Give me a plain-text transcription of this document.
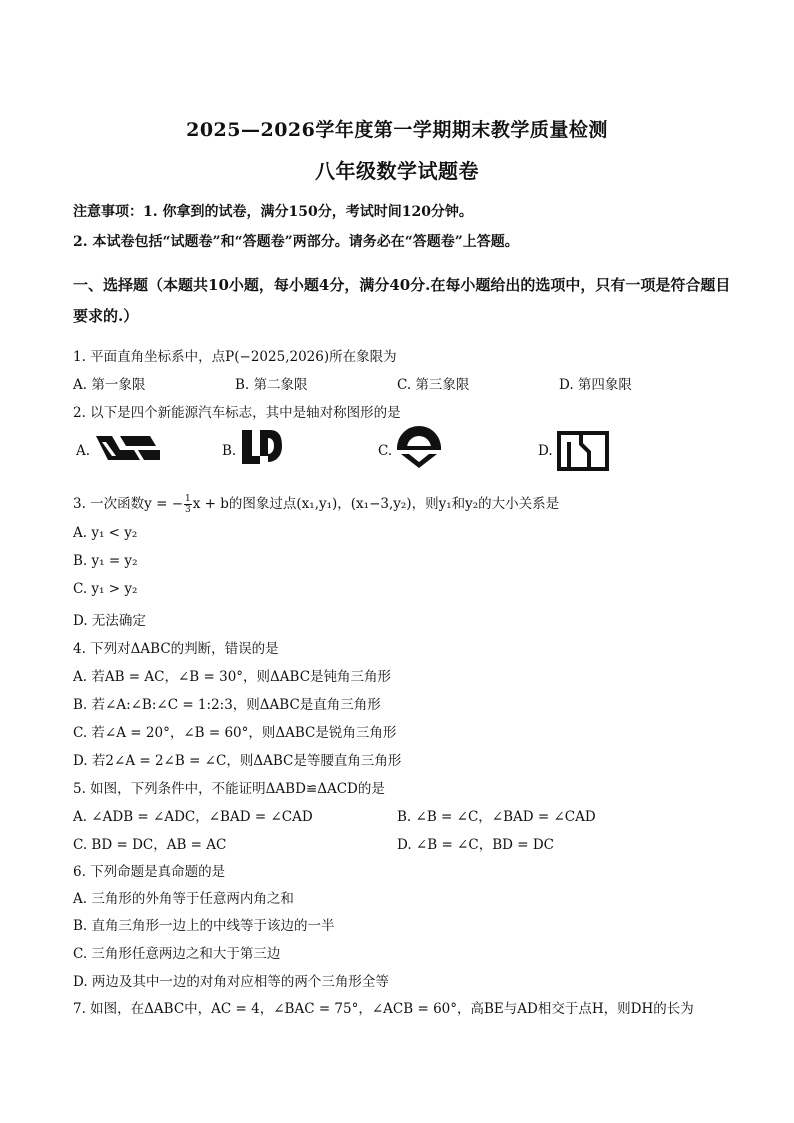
2025—2026学年度第一学期期末教学质量检测
八年级数学试题卷
注意事项：1. 你拿到的试卷，满分150分，考试时间120分钟。
2. 本试卷包括“试题卷”和“答题卷”两部分。请务必在“答题卷”上答题。
一、选择题（本题共10小题，每小题4分，满分40分.在每小题给出的选项中，只有一项是符合题目要求的.）
1. 平面直角坐标系中，点P(−2025,2026)所在象限为
A. 第一象限	B. 第二象限	C. 第三象限	D. 第四象限
2. 以下是四个新能源汽车标志，其中是轴对称图形的是
A.	B.	C.	D.
3. 一次函数y = − $\frac{1}{3}$ x + b的图象过点(x₁,y₁)，(x₁−3,y₂)，则y₁和y₂的大小关系是
A. y₁ < y₂
B. y₁ = y₂
C. y₁ > y₂
D. 无法确定
4. 下列对ΔABC的判断，错误的是
A. 若AB = AC，∠B = 30°，则ΔABC是钝角三角形
B. 若∠A:∠B:∠C = 1:2:3，则ΔABC是直角三角形
C. 若∠A = 20°，∠B = 60°，则ΔABC是锐角三角形
D. 若2∠A = 2∠B = ∠C，则ΔABC是等腰直角三角形
5. 如图，下列条件中，不能证明ΔABD≌ΔACD的是
A. ∠ADB = ∠ADC，∠BAD = ∠CAD	B. ∠B = ∠C，∠BAD = ∠CAD
C. BD = DC，AB = AC	D. ∠B = ∠C，BD = DC
6. 下列命题是真命题的是
A. 三角形的外角等于任意两内角之和
B. 直角三角形一边上的中线等于该边的一半
C. 三角形任意两边之和大于第三边
D. 两边及其中一边的对角对应相等的两个三角形全等
7. 如图，在ΔABC中，AC = 4，∠BAC = 75°，∠ACB = 60°，高BE与AD相交于点H，则DH的长为
